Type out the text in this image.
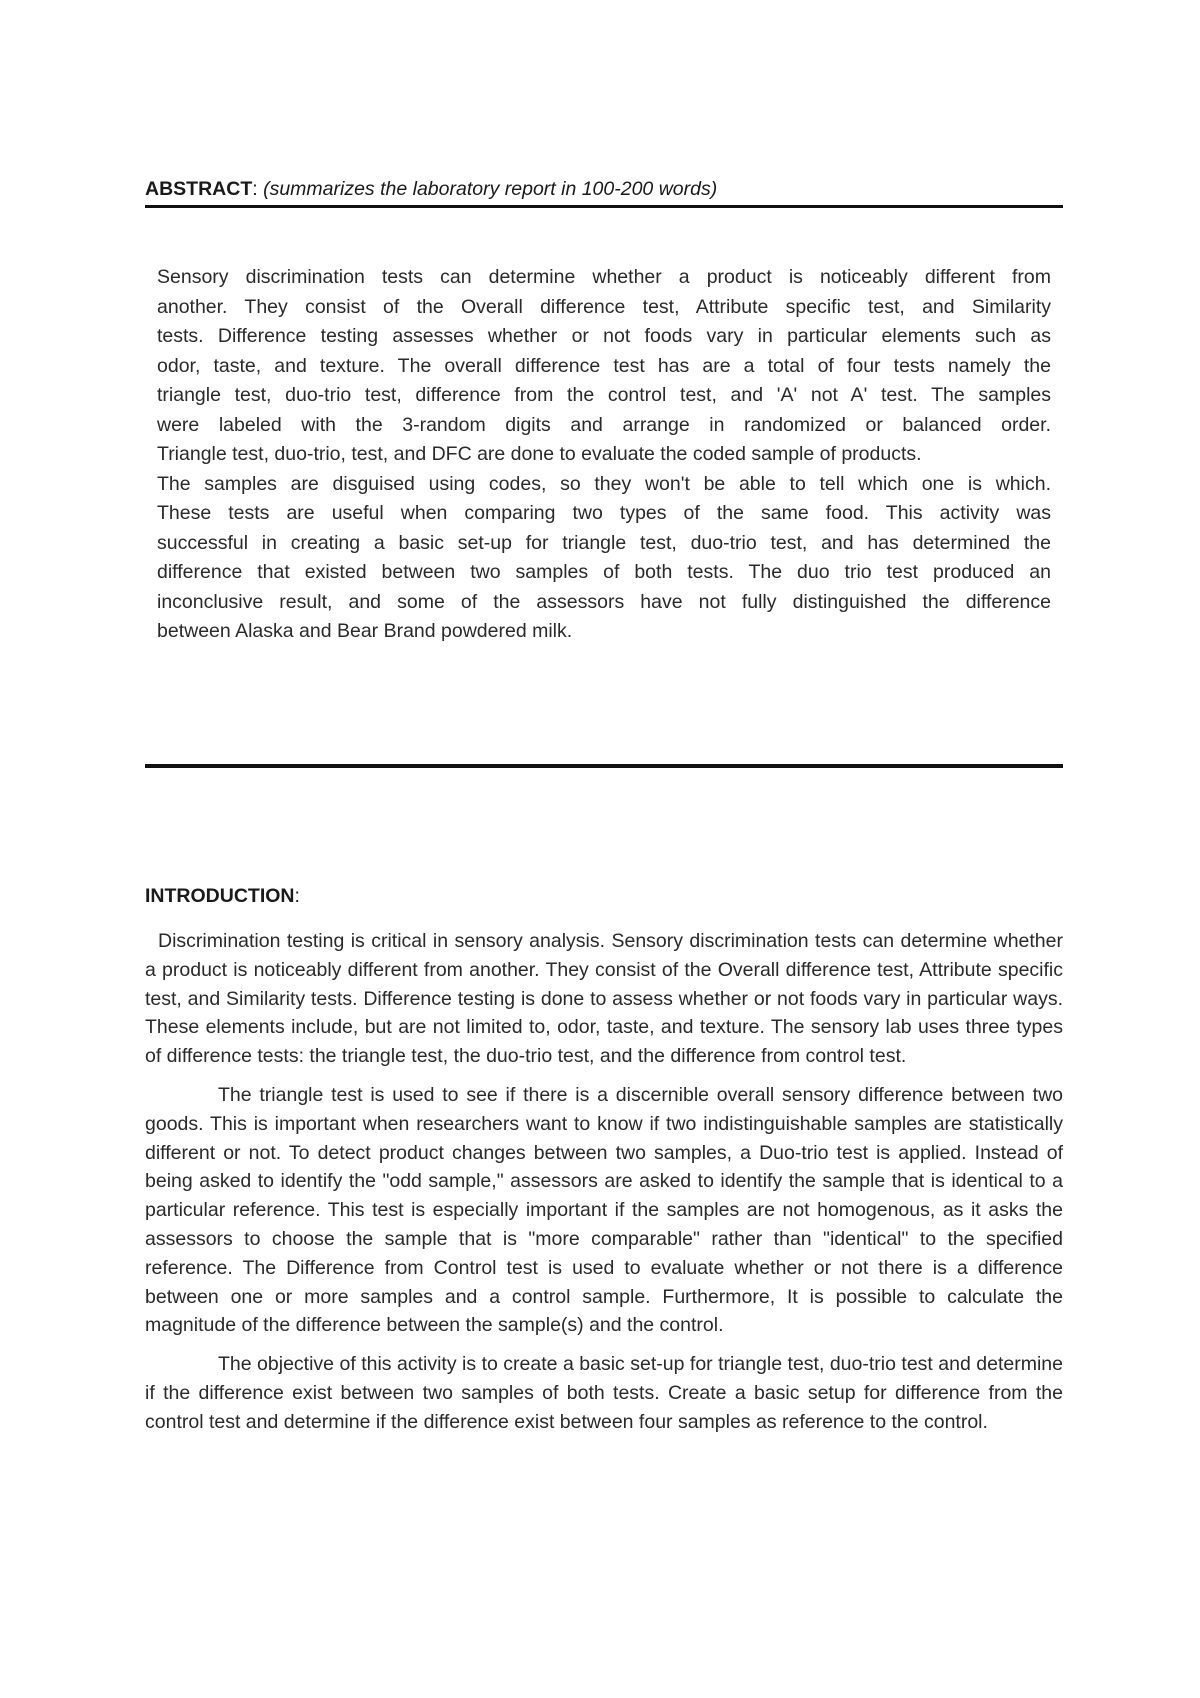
ABSTRACT: (summarizes the laboratory report in 100-200 words)
Sensory discrimination tests can determine whether a product is noticeably different from
another. They consist of the Overall difference test, Attribute specific test, and Similarity
tests. Difference testing assesses whether or not foods vary in particular elements such as
odor, taste, and texture. The overall difference test has are a total of four tests namely the
triangle test, duo-trio test, difference from the control test, and 'A' not A' test. The samples
were labeled with the 3-random digits and arrange in randomized or balanced order.
Triangle test, duo-trio, test, and DFC are done to evaluate the coded sample of products.
The samples are disguised using codes, so they won't be able to tell which one is which.
These tests are useful when comparing two types of the same food. This activity was
successful in creating a basic set-up for triangle test, duo-trio test, and has determined the
difference that existed between two samples of both tests. The duo trio test produced an
inconclusive result, and some of the assessors have not fully distinguished the difference
between Alaska and Bear Brand powdered milk.
INTRODUCTION:

Discrimination testing is critical in sensory analysis. Sensory discrimination tests can determine whether a product is noticeably different from another. They consist of the Overall difference test, Attribute specific test, and Similarity tests. Difference testing is done to assess whether or not foods vary in particular ways. These elements include, but are not limited to, odor, taste, and texture. The sensory lab uses three types of difference tests: the triangle test, the duo-trio test, and the difference from control test.

The triangle test is used to see if there is a discernible overall sensory difference between two goods. This is important when researchers want to know if two indistinguishable samples are statistically different or not. To detect product changes between two samples, a Duo-trio test is applied. Instead of being asked to identify the "odd sample," assessors are asked to identify the sample that is identical to a particular reference. This test is especially important if the samples are not homogenous, as it asks the assessors to choose the sample that is "more comparable" rather than "identical" to the specified reference. The Difference from Control test is used to evaluate whether or not there is a difference between one or more samples and a control sample. Furthermore, It is possible to calculate the magnitude of the difference between the sample(s) and the control.

The objective of this activity is to create a basic set-up for triangle test, duo-trio test and determine if the difference exist between two samples of both tests. Create a basic setup for difference from the control test and determine if the difference exist between four samples as reference to the control.
